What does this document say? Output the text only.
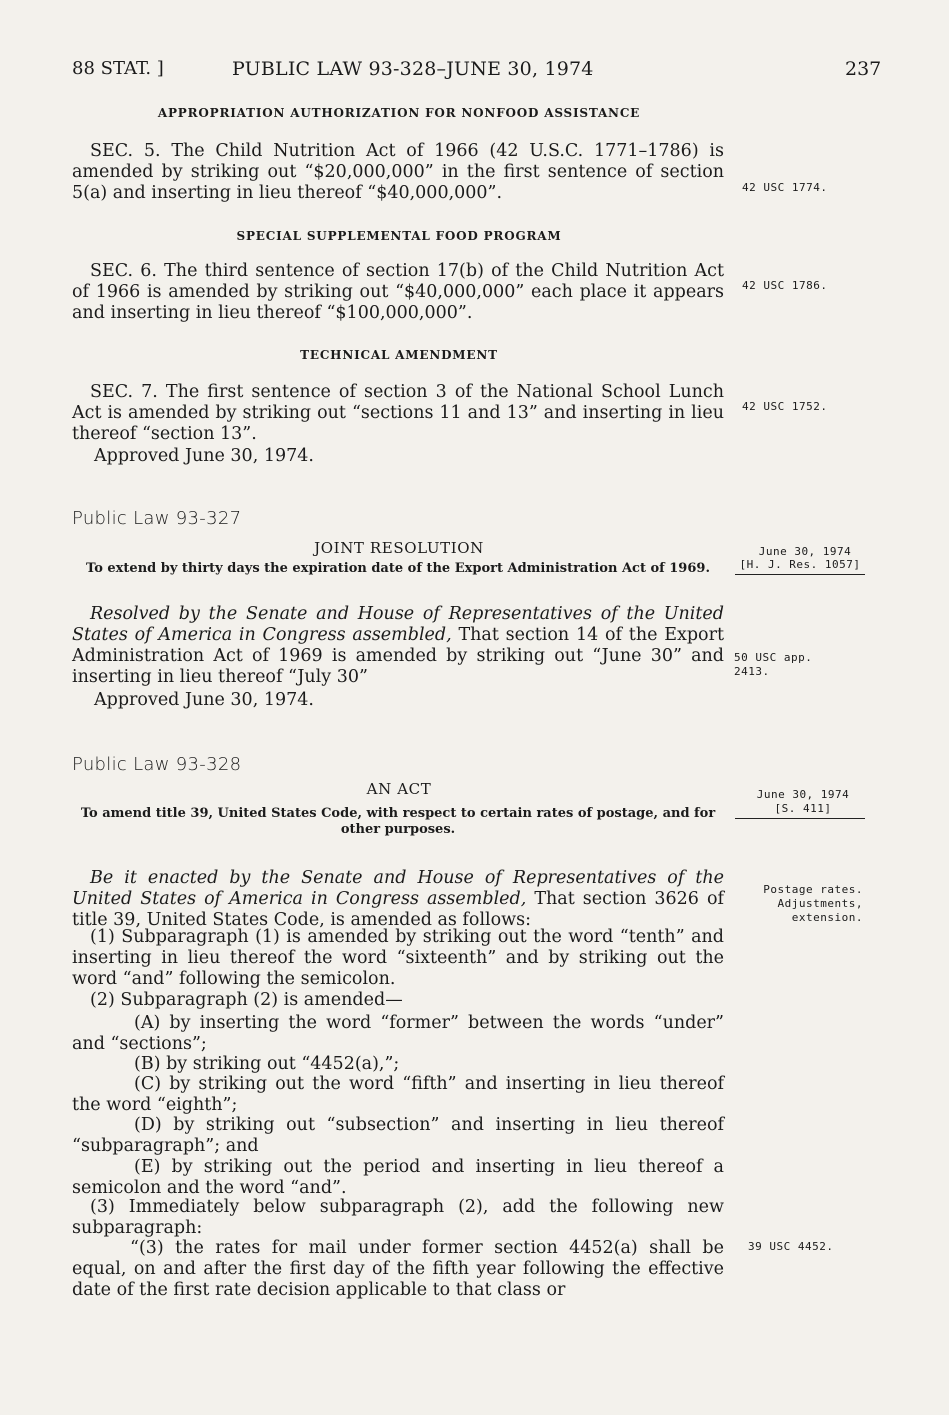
88 STAT. ]	PUBLIC LAW 93-328–JUNE 30, 1974	237
APPROPRIATION AUTHORIZATION FOR NONFOOD ASSISTANCE
SEC. 5. The Child Nutrition Act of 1966 (42 U.S.C. 1771–1786) is amended by striking out “$20,000,000” in the first sentence of section 5(a) and inserting in lieu thereof “$40,000,000”.	42 USC 1774.
SPECIAL SUPPLEMENTAL FOOD PROGRAM
SEC. 6. The third sentence of section 17(b) of the Child Nutrition Act of 1966 is amended by striking out “$40,000,000” each place it appears and inserting in lieu thereof “$100,000,000”.
42 USC 1786.
TECHNICAL AMENDMENT
SEC. 7. The first sentence of section 3 of the National School Lunch Act is amended by striking out “sections 11 and 13” and inserting in lieu thereof “section 13”.
42 USC 1752.
Approved June 30, 1974.
Public Law 93-327
JOINT RESOLUTION
To extend by thirty days the expiration date of the Export Administration Act of 1969.
June 30, 1974
[H. J. Res. 1057]
Resolved by the Senate and House of Representatives of the United States of America in Congress assembled, That section 14 of the Export Administration Act of 1969 is amended by striking out “June 30” and inserting in lieu thereof “July 30”
50 USC app. 2413.
Approved June 30, 1974.
Public Law 93-328
AN ACT
To amend title 39, United States Code, with respect to certain rates of postage, and for other purposes.
June 30, 1974
[S. 411]
Be it enacted by the Senate and House of Representatives of the United States of America in Congress assembled, That section 3626 of title 39, United States Code, is amended as follows:
Postage rates. Adjustments, extension.
(1) Subparagraph (1) is amended by striking out the word “tenth” and inserting in lieu thereof the word “sixteenth” and by striking out the word “and” following the semicolon.
(2) Subparagraph (2) is amended—
(A) by inserting the word “former” between the words “under” and “sections”;
(B) by striking out “4452(a),”;
(C) by striking out the word “fifth” and inserting in lieu thereof the word “eighth”;
(D) by striking out “subsection” and inserting in lieu thereof “subparagraph”; and
(E) by striking out the period and inserting in lieu thereof a semicolon and the word “and”.
(3) Immediately below subparagraph (2), add the following new subparagraph:
“(3) the rates for mail under former section 4452(a) shall be equal, on and after the first day of the fifth year following the effective date of the first rate decision applicable to that class or
39 USC 4452.
